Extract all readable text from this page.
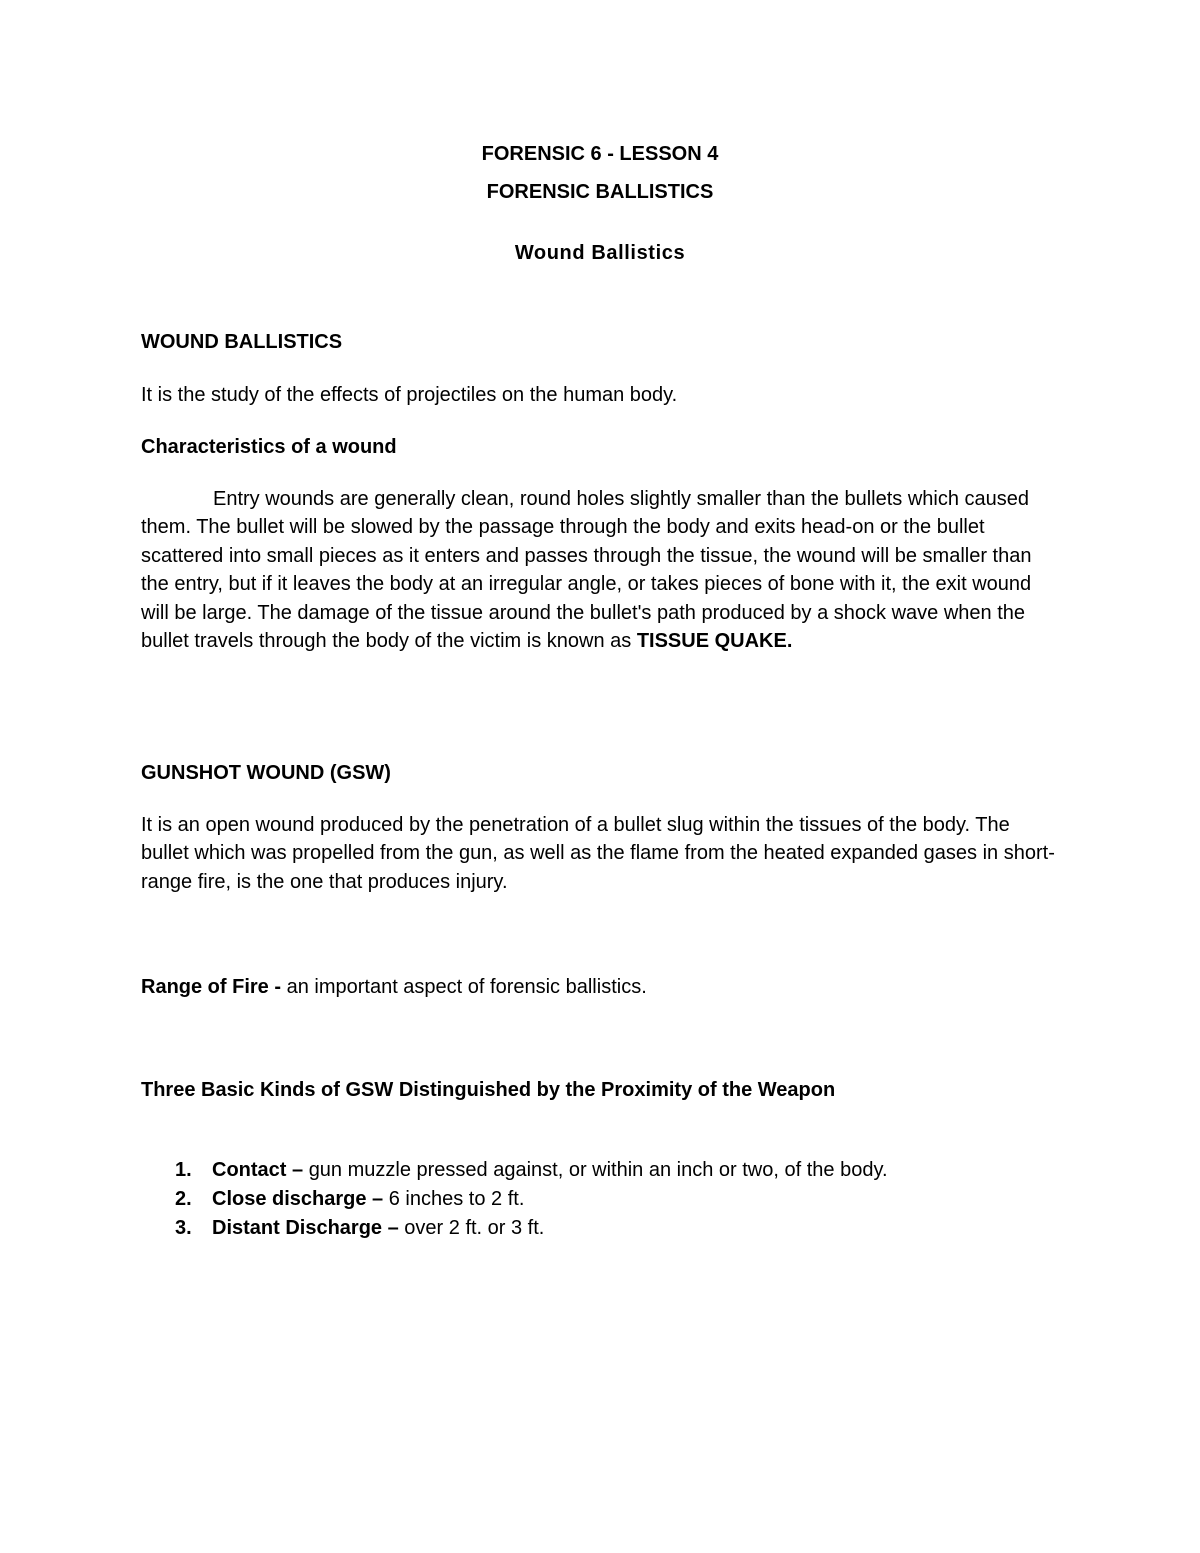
FORENSIC 6 - LESSON 4
FORENSIC BALLISTICS
Wound Ballistics
WOUND BALLISTICS
It is the study of the effects of projectiles on the human body.
Characteristics of a wound
Entry wounds are generally clean, round holes slightly smaller than the bullets which caused them. The bullet will be slowed by the passage through the body and exits head-on or the bullet scattered into small pieces as it enters and passes through the tissue, the wound will be smaller than the entry, but if it leaves the body at an irregular angle, or takes pieces of bone with it, the exit wound will be large. The damage of the tissue around the bullet's path produced by a shock wave when the bullet travels through the body of the victim is known as TISSUE QUAKE.
GUNSHOT WOUND (GSW)
It is an open wound produced by the penetration of a bullet slug within the tissues of the body. The bullet which was propelled from the gun, as well as the flame from the heated expanded gases in short-range fire, is the one that produces injury.
Range of Fire - an important aspect of forensic ballistics.
Three Basic Kinds of GSW Distinguished by the Proximity of the Weapon
1. Contact – gun muzzle pressed against, or within an inch or two, of the body.
2. Close discharge – 6 inches to 2 ft.
3. Distant Discharge – over 2 ft. or 3 ft.
